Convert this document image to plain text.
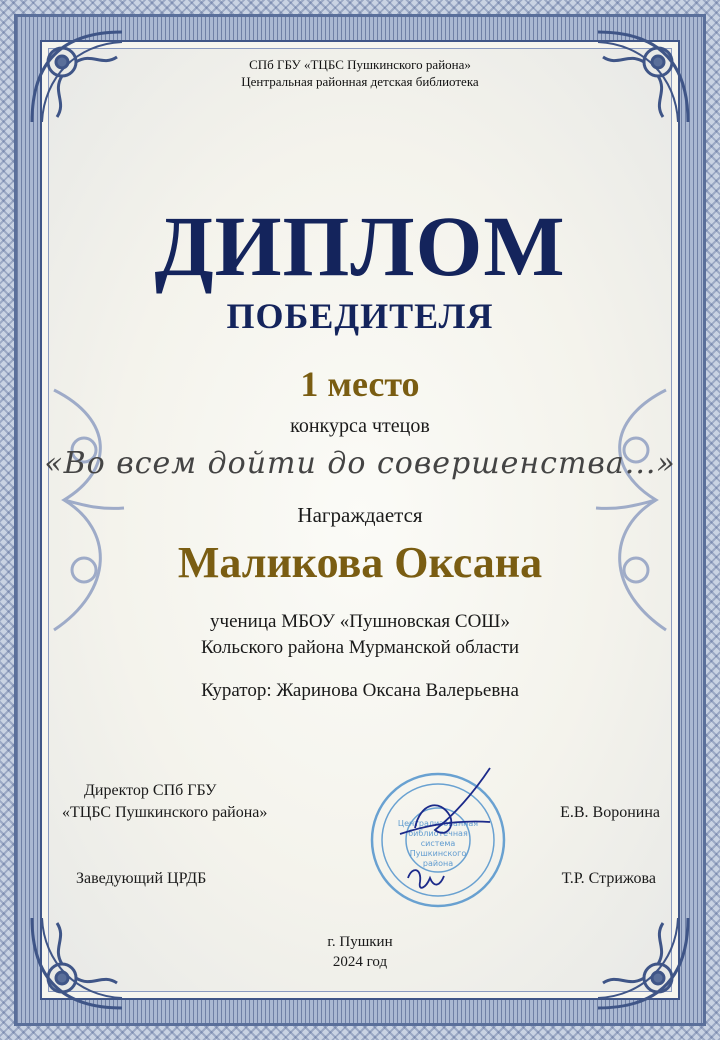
СПб ГБУ «ТЦБС Пушкинского района»
Центральная районная детская библиотека
ДИПЛОМ
ПОБЕДИТЕЛЯ
1 место
конкурса чтецов
«Во всем дойти до совершенства...»
Награждается
Маликова Оксана
ученица МБОУ «Пушновская СОШ»
Кольского района Мурманской области
Куратор: Жаринова Оксана Валерьевна
Директор СПб ГБУ
«ТЦБС Пушкинского района»	Е.В. Воронина
Заведующий ЦРДБ	Т.Р. Стрижова
Централизованная
библиотечная
система
Пушкинского
района
г. Пушкин
2024 год
